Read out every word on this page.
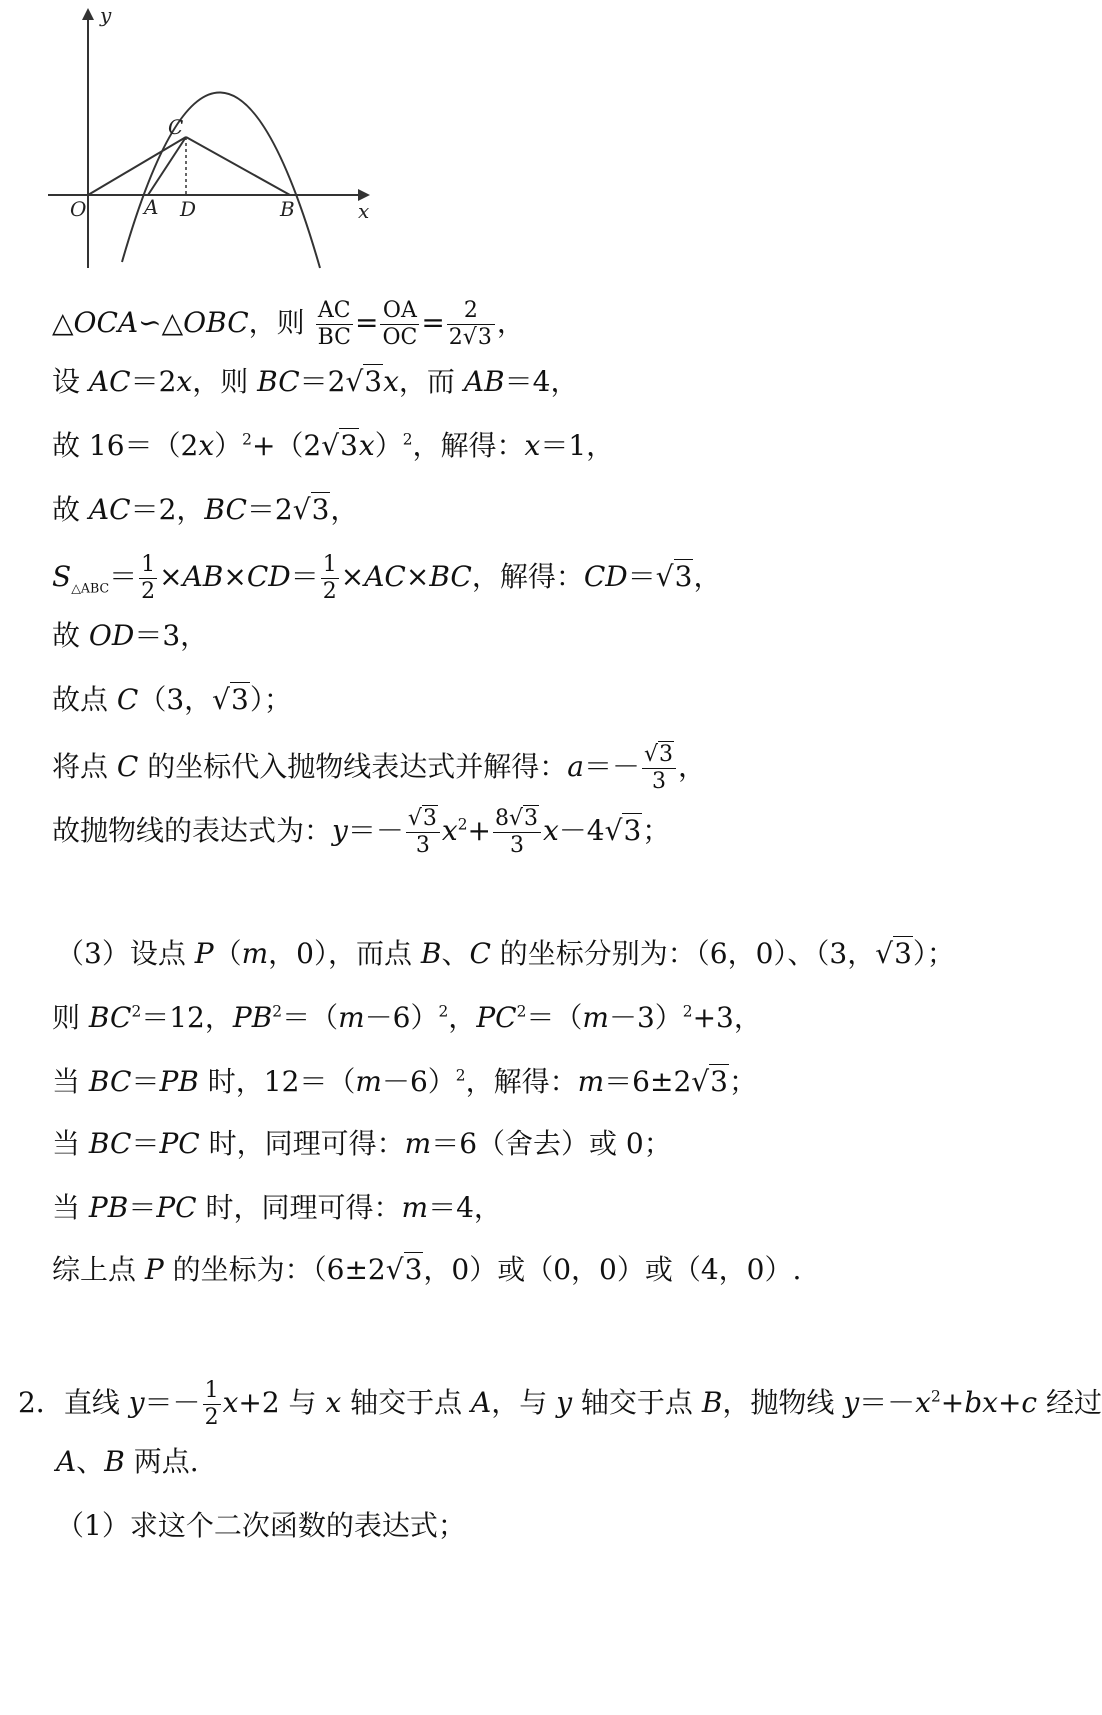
y
x
O	A D	B
C
△OCA∽△OBC，则 $\frac{AC}{BC} = \frac{OA}{OC} = \frac{2}{2√3}$ ，
设 AC＝2x，则 BC＝2√3x，而 AB＝4，
故 $16=(2x)^2+(2√3x)^2$，解得：x＝1，
故 AC＝2，BC＝2√3，
$S_{\triangle ABC}= \frac{1}{2} \times AB\times CD= \frac{1}{2} \times AC\times BC$，解得：CD＝√3，
故 OD＝3，
故点 C（3，√3）；
将点 C 的坐标代入抛物线表达式并解得：$a=- \frac{√3}{3}$ ，
故抛物线的表达式为：$y=- \frac{√3}{3} x^2+ \frac{8√3}{3} x-4√3$；
（3）设点 P（m，0），而点 B、C 的坐标分别为：（6，0）、（3，√3）；
则 $BC^2=12$，$PB^2=(m-6)^2$，$PC^2=(m-3)^2+3$，
当 BC＝PB 时，$12=(m-6)^2$，解得：m＝6±2√3；
当 BC＝PC 时，同理可得：m＝6（舍去）或 0；
当 PB＝PC 时，同理可得：m＝4，
综上点 P 的坐标为：（6±2√3，0）或（0，0）或（4，0）.
2．直线 $y=- \frac{1}{2} x+2$ 与 x 轴交于点 A，与 y 轴交于点 B，抛物线 $y=-x^2+bx+c$ 经过
A、B 两点.
（1）求这个二次函数的表达式；
